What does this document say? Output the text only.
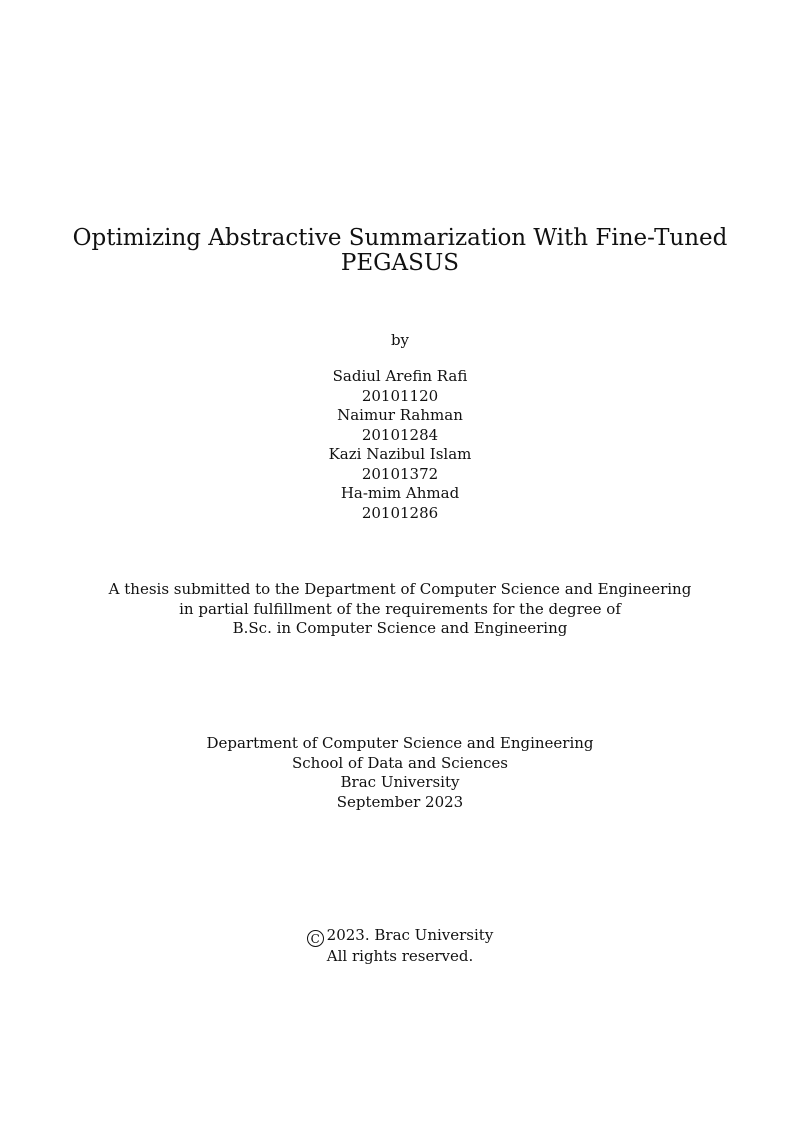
Optimizing Abstractive Summarization With Fine-Tuned
PEGASUS
by
Sadiul Arefin Rafi
20101120
Naimur Rahman
20101284
Kazi Nazibul Islam
20101372
Ha-mim Ahmad
20101286
A thesis submitted to the Department of Computer Science and Engineering
in partial fulfillment of the requirements for the degree of
B.Sc. in Computer Science and Engineering
Department of Computer Science and Engineering
School of Data and Sciences
Brac University
September 2023
C 2023. Brac University
All rights reserved.
